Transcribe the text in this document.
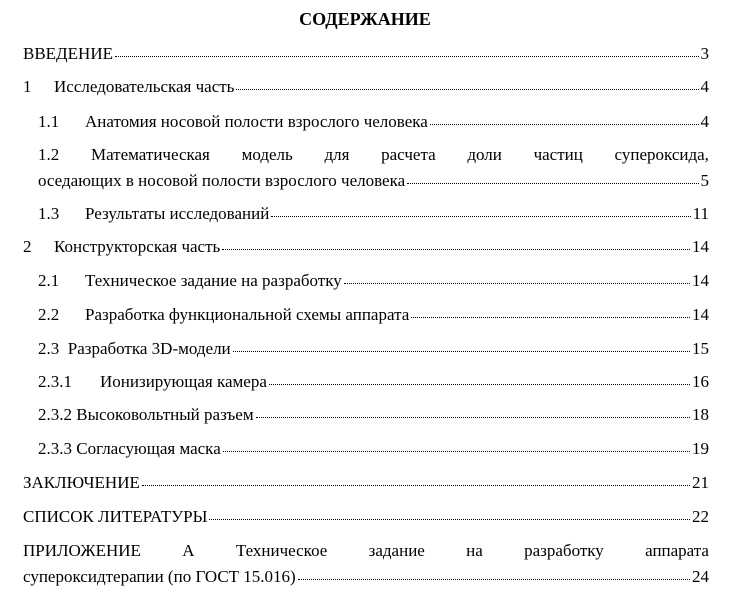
СОДЕРЖАНИЕ
ВВЕДЕНИЕ	3
1	Исследовательская часть	4
1.1	Анатомия носовой полости взрослого человека	4
1.2 Математическая модель для расчета доли частиц супероксида,
оседающих в носовой полости взрослого человека	5
1.3	Результаты исследований	11
2	Конструкторская часть	14
2.1	Техническое задание на разработку	14
2.2	Разработка функциональной схемы аппарата	14
2.3  Разработка 3D-модели	15
2.3.1	Ионизирующая камера	16
2.3.2 Высоковольтный разъем	18
2.3.3 Согласующая маска	19
ЗАКЛЮЧЕНИЕ	21
СПИСОК ЛИТЕРАТУРЫ	22
ПРИЛОЖЕНИЕ А Техническое задание на разработку аппарата
супероксидтерапии (по ГОСТ 15.016)	24
